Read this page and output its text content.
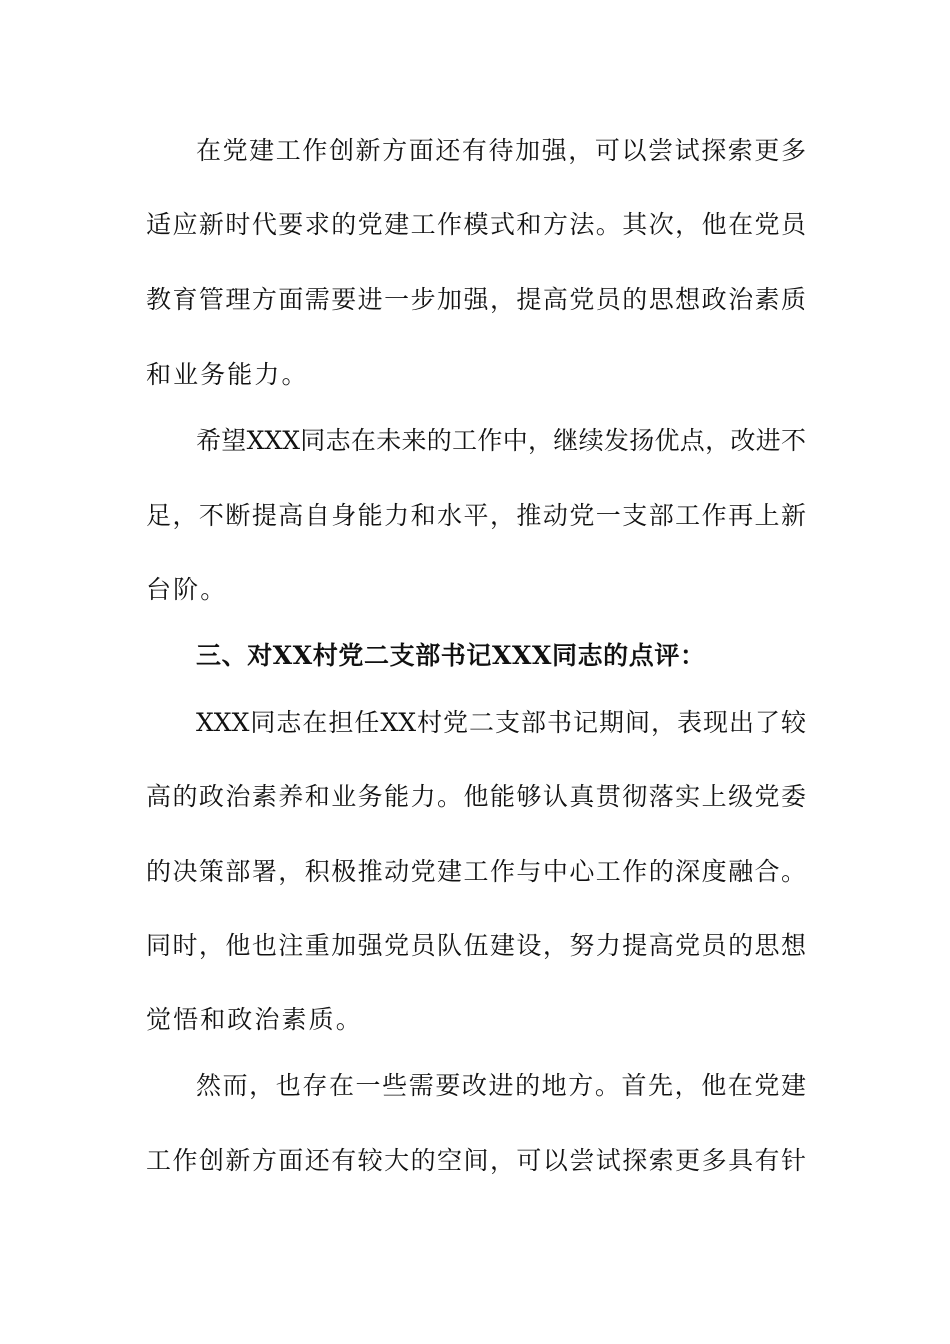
在党建工作创新方面还有待加强，可以尝试探索更多
适应新时代要求的党建工作模式和方法。其次，他在党员
教育管理方面需要进一步加强，提高党员的思想政治素质
和业务能力。
希望XXX同志在未来的工作中，继续发扬优点，改进不
足，不断提高自身能力和水平，推动党一支部工作再上新
台阶。
三、对XX村党二支部书记XXX同志的点评：
XXX同志在担任XX村党二支部书记期间，表现出了较
高的政治素养和业务能力。他能够认真贯彻落实上级党委
的决策部署，积极推动党建工作与中心工作的深度融合。
同时，他也注重加强党员队伍建设，努力提高党员的思想
觉悟和政治素质。
然而，也存在一些需要改进的地方。首先，他在党建
工作创新方面还有较大的空间，可以尝试探索更多具有针
